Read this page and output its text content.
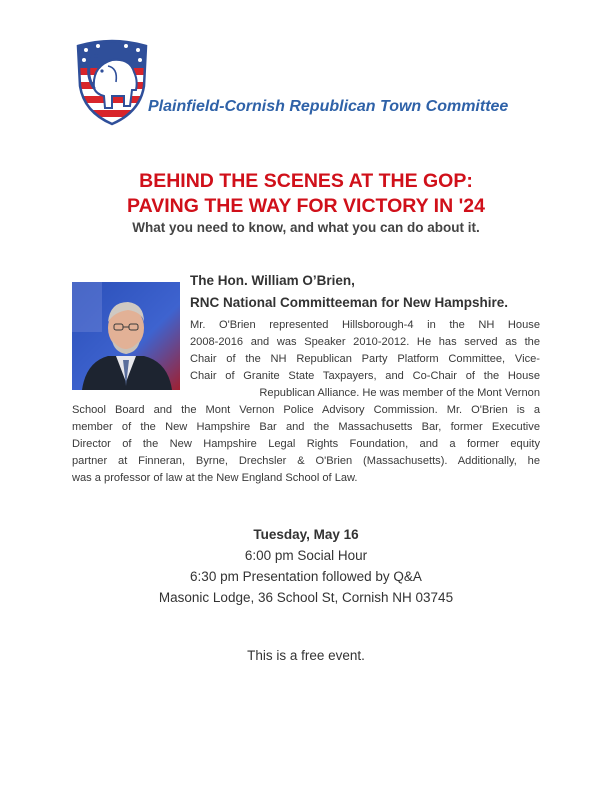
Plainfield-Cornish Republican Town Committee
BEHIND THE SCENES AT THE GOP:
PAVING THE WAY FOR VICTORY IN '24
What you need to know, and what you can do about it.
The Hon. William O’Brien,
RNC National Committeeman for New Hampshire.
Mr. O'Brien represented Hillsborough-4 in the NH House
2008-2016 and was Speaker 2010-2012. He has served as the
Chair of the NH Republican Party Platform Committee, Vice-
Chair of Granite State Taxpayers, and Co-Chair of the House
Republican Alliance. He was member of the Mont Vernon
School Board and the Mont Vernon Police Advisory Commission. Mr. O'Brien is a
member of the New Hampshire Bar and the Massachusetts Bar, former Executive
Director of the New Hampshire Legal Rights Foundation, and a former equity
partner at Finneran, Byrne, Drechsler & O'Brien (Massachusetts). Additionally, he
was a professor of law at the New England School of Law.
Tuesday, May 16
6:00 pm Social Hour
6:30 pm Presentation followed by Q&A
Masonic Lodge, 36 School St, Cornish NH 03745
This is a free event.
